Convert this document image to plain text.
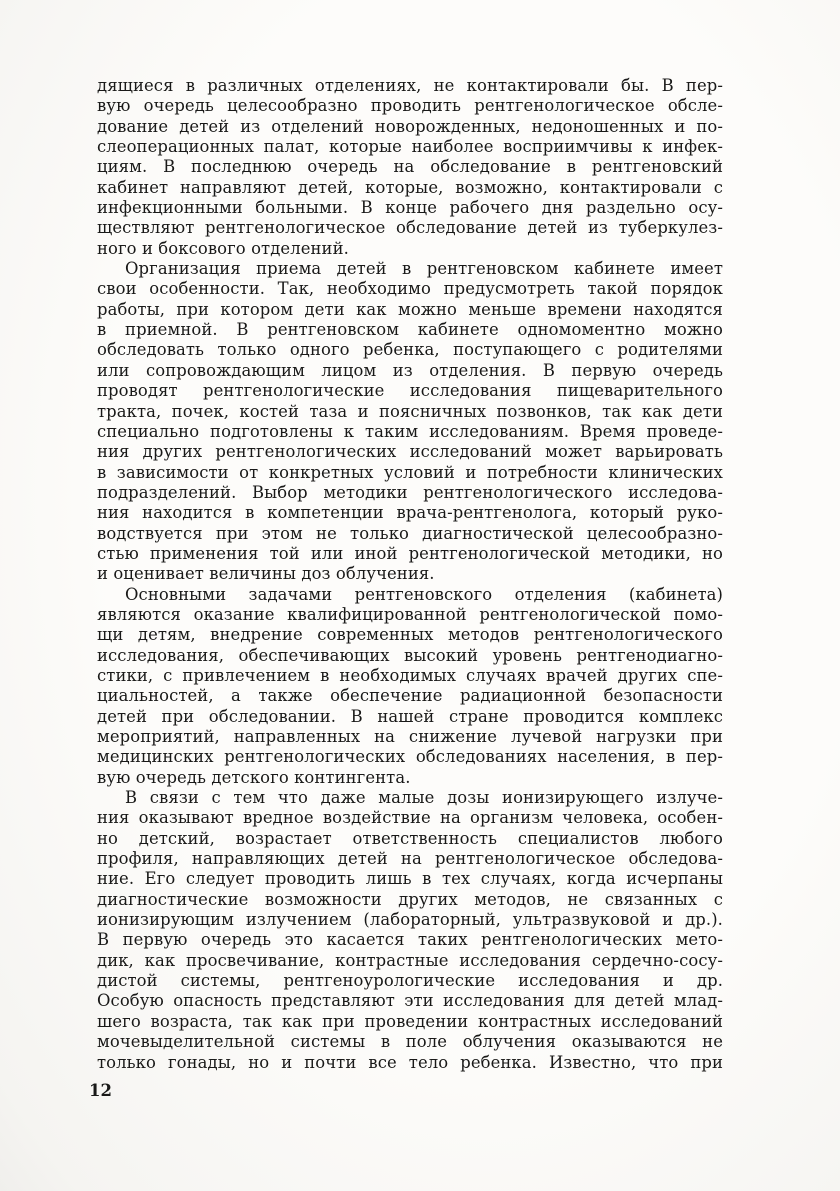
дящиеся в различных отделениях, не контактировали бы. В пер-
вую очередь целесообразно проводить рентгенологическое обсле-
дование детей из отделений новорожденных, недоношенных и по-
слеоперационных палат, которые наиболее восприимчивы к инфек-
циям. В последнюю очередь на обследование в рентгеновский
кабинет направляют детей, которые, возможно, контактировали с
инфекционными больными. В конце рабочего дня раздельно осу-
ществляют рентгенологическое обследование детей из туберкулез-
ного и боксового отделений.
Организация приема детей в рентгеновском кабинете имеет
свои особенности. Так, необходимо предусмотреть такой порядок
работы, при котором дети как можно меньше времени находятся
в приемной. В рентгеновском кабинете одномоментно можно
обследовать только одного ребенка, поступающего с родителями
или сопровождающим лицом из отделения. В первую очередь
проводят рентгенологические исследования пищеварительного
тракта, почек, костей таза и поясничных позвонков, так как дети
специально подготовлены к таким исследованиям. Время проведе-
ния других рентгенологических исследований может варьировать
в зависимости от конкретных условий и потребности клинических
подразделений. Выбор методики рентгенологического исследова-
ния находится в компетенции врача-рентгенолога, который руко-
водствуется при этом не только диагностической целесообразно-
стью применения той или иной рентгенологической методики, но
и оценивает величины доз облучения.
Основными задачами рентгеновского отделения (кабинета)
являются оказание квалифицированной рентгенологической помо-
щи детям, внедрение современных методов рентгенологического
исследования, обеспечивающих высокий уровень рентгенодиагно-
стики, с привлечением в необходимых случаях врачей других спе-
циальностей, а также обеспечение радиационной безопасности
детей при обследовании. В нашей стране проводится комплекс
мероприятий, направленных на снижение лучевой нагрузки при
медицинских рентгенологических обследованиях населения, в пер-
вую очередь детского контингента.
В связи с тем что даже малые дозы ионизирующего излуче-
ния оказывают вредное воздействие на организм человека, особен-
но детский, возрастает ответственность специалистов любого
профиля, направляющих детей на рентгенологическое обследова-
ние. Его следует проводить лишь в тех случаях, когда исчерпаны
диагностические возможности других методов, не связанных с
ионизирующим излучением (лабораторный, ультразвуковой и др.).
В первую очередь это касается таких рентгенологических мето-
дик, как просвечивание, контрастные исследования сердечно-сосу-
дистой системы, рентгеноурологические исследования и др.
Особую опасность представляют эти исследования для детей млад-
шего возраста, так как при проведении контрастных исследований
мочевыделительной системы в поле облучения оказываются не
только гонады, но и почти все тело ребенка. Известно, что при
12
